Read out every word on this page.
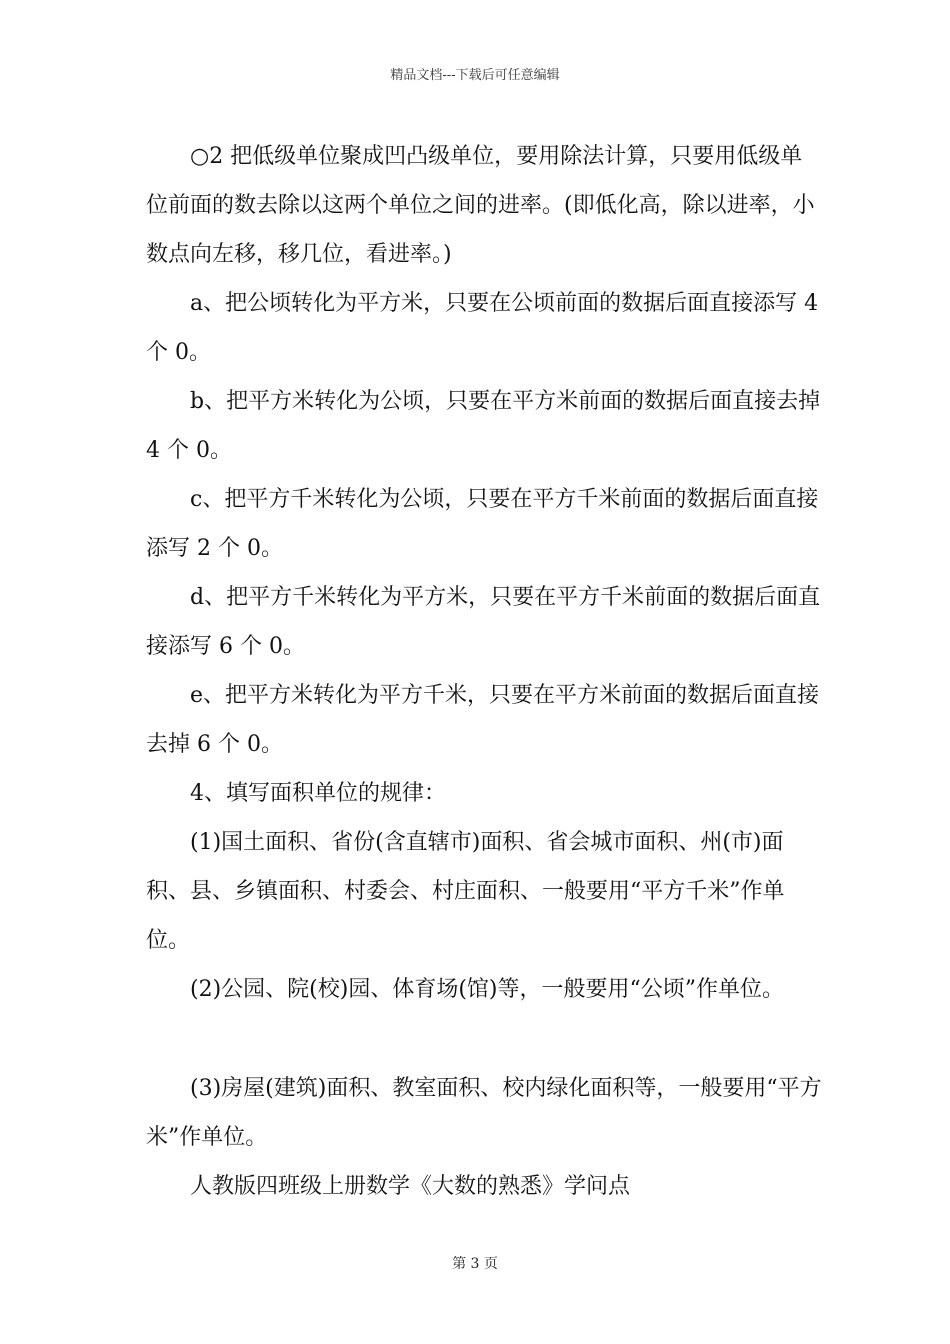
精品文档---下载后可任意编辑

○2 把低级单位聚成凹凸级单位，要用除法计算，只要用低级单位前面的数去除以这两个单位之间的进率。(即低化高，除以进率，小数点向左移，移几位，看进率。)

a、把公顷转化为平方米，只要在公顷前面的数据后面直接添写 4 个 0。

b、把平方米转化为公顷，只要在平方米前面的数据后面直接去掉 4 个 0。

c、把平方千米转化为公顷，只要在平方千米前面的数据后面直接添写 2 个 0。

d、把平方千米转化为平方米，只要在平方千米前面的数据后面直接添写 6 个 0。

e、把平方米转化为平方千米，只要在平方米前面的数据后面直接去掉 6 个 0。

4、填写面积单位的规律：

(1)国土面积、省份(含直辖市)面积、省会城市面积、州(市)面积、县、乡镇面积、村委会、村庄面积、一般要用“平方千米”作单位。

(2)公园、院(校)园、体育场(馆)等，一般要用“公顷”作单位。

(3)房屋(建筑)面积、教室面积、校内绿化面积等，一般要用“平方米”作单位。

人教版四班级上册数学《大数的熟悉》学问点

第 3 页
